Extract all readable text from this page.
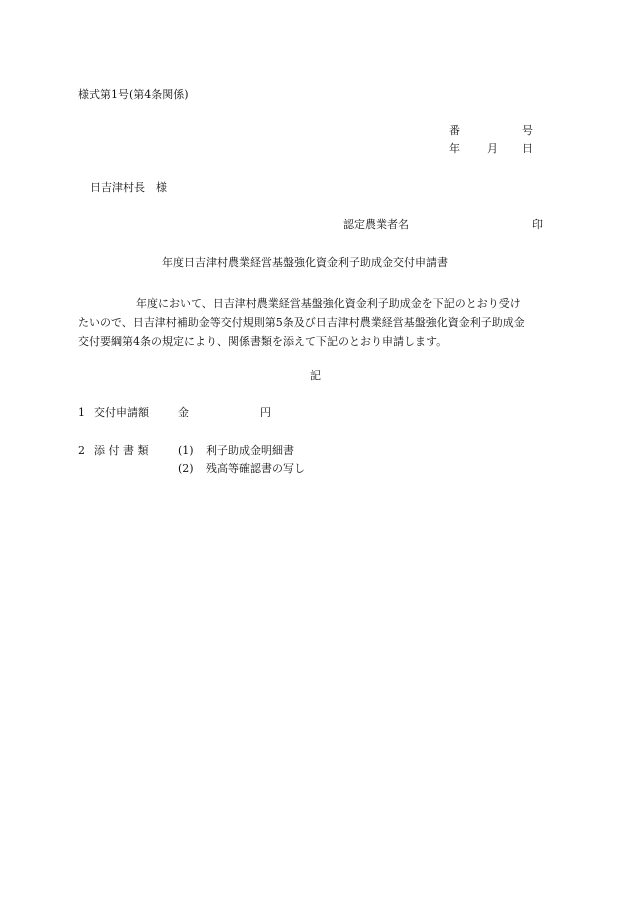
様式第1号(第4条関係)
番	号
年 月 日
日吉津村長　様
認定農業者名	印
年度日吉津村農業経営基盤強化資金利子助成金交付申請書

年度において、日吉津村農業経営基盤強化資金利子助成金を下記のとおり受け

たいので、日吉津村補助金等交付規則第5条及び日吉津村農業経営基盤強化資金利子助成金

交付要綱第4条の規定により、関係書類を添えて下記のとおり申請します。

記
1 交付申請額	金	円
2 添 付 書 類	(1) 利子助成金明細書
(2) 残高等確認書の写し
